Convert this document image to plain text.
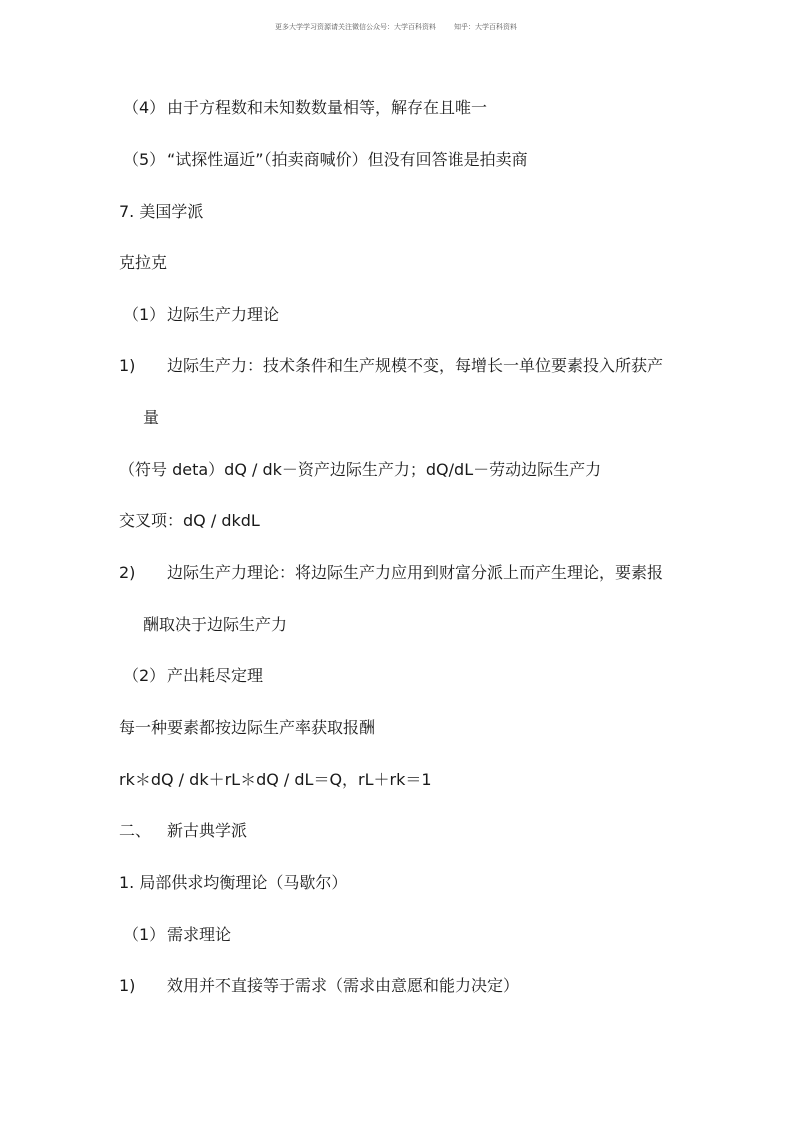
更多大学学习资源请关注微信公众号：大学百科资料	知乎：大学百科资料
（4） 由于方程数和未知数数量相等，解存在且唯一
（5） “试探性逼近”（拍卖商喊价）但没有回答谁是拍卖商
7. 美国学派
克拉克
（1） 边际生产力理论
1) 边际生产力：技术条件和生产规模不变，每增长一单位要素投入所获产
量
（符号 deta）dQ / dk－资产边际生产力；dQ/dL－劳动边际生产力
交叉项：dQ / dkdL
2) 边际生产力理论：将边际生产力应用到财富分派上而产生理论，要素报
酬取决于边际生产力
（2） 产出耗尽定理
每一种要素都按边际生产率获取报酬
rk＊dQ / dk＋rL＊dQ / dL＝Q，rL＋rk＝1
二、 新古典学派
1. 局部供求均衡理论（马歇尔）
（1） 需求理论
1) 效用并不直接等于需求（需求由意愿和能力决定）
